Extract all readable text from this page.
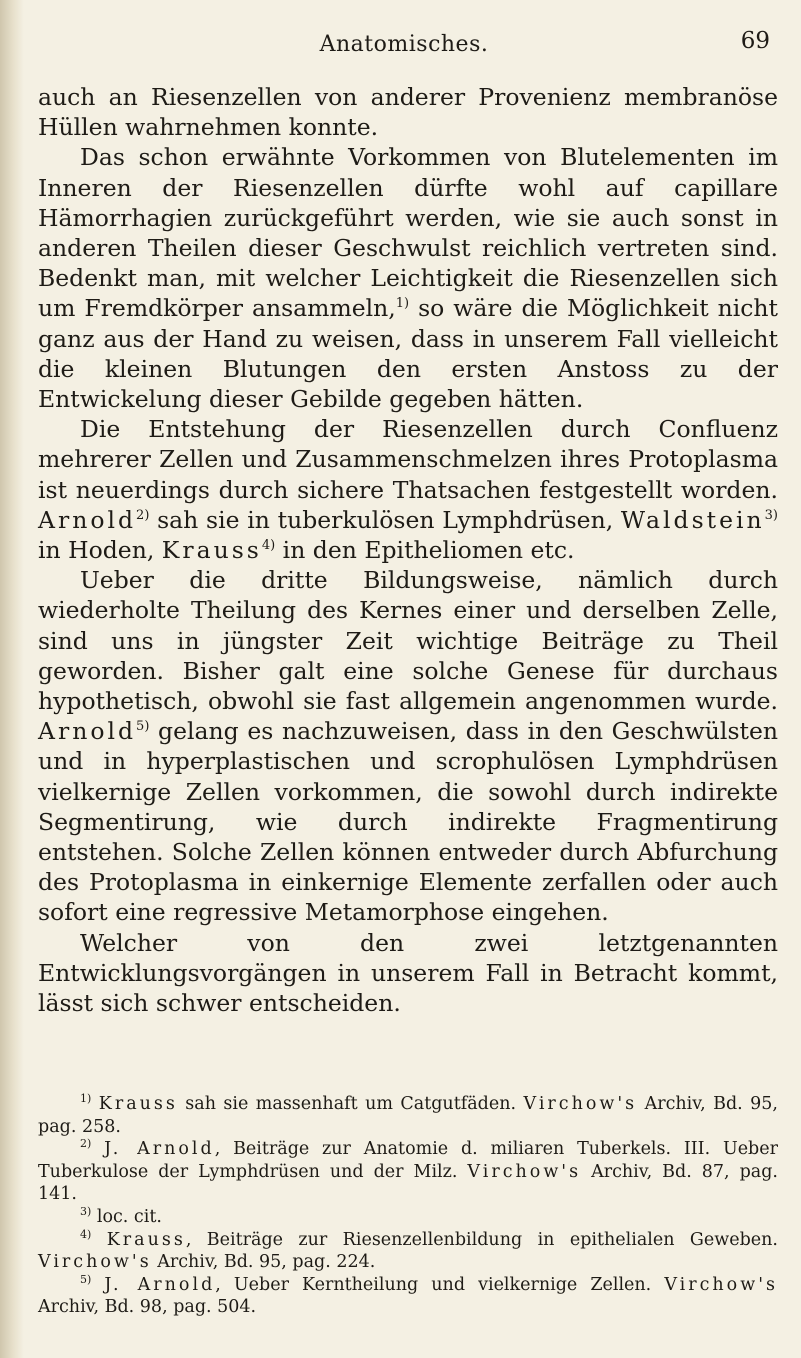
Anatomisches.	69

auch an Riesenzellen von anderer Provenienz membranöse Hüllen wahrnehmen konnte.

Das schon erwähnte Vorkommen von Blutelementen im Inneren der Riesenzellen dürfte wohl auf capillare Hämorrhagien zurückgeführt werden, wie sie auch sonst in anderen Theilen dieser Geschwulst reichlich vertreten sind. Bedenkt man, mit welcher Leichtigkeit die Riesenzellen sich um Fremdkörper ansammeln,$^{1)}$ so wäre die Möglichkeit nicht ganz aus der Hand zu weisen, dass in unserem Fall vielleicht die kleinen Blutungen den ersten Anstoss zu der Entwickelung dieser Gebilde gegeben hätten.

Die Entstehung der Riesenzellen durch Confluenz mehrerer Zellen und Zusammenschmelzen ihres Protoplasma ist neuerdings durch sichere Thatsachen festgestellt worden. Arnold$^{2)}$ sah sie in tuberkulösen Lymphdrüsen, Waldstein$^{3)}$ in Hoden, Krauss$^{4)}$ in den Epitheliomen etc.

Ueber die dritte Bildungsweise, nämlich durch wiederholte Theilung des Kernes einer und derselben Zelle, sind uns in jüngster Zeit wichtige Beiträge zu Theil geworden. Bisher galt eine solche Genese für durchaus hypothetisch, obwohl sie fast allgemein angenommen wurde. Arnold$^{5)}$ gelang es nachzuweisen, dass in den Geschwülsten und in hyperplastischen und scrophulösen Lymphdrüsen vielkernige Zellen vorkommen, die sowohl durch indirekte Segmentirung, wie durch indirekte Fragmentirung entstehen. Solche Zellen können entweder durch Abfurchung des Protoplasma in einkernige Elemente zerfallen oder auch sofort eine regressive Metamorphose eingehen.

Welcher von den zwei letztgenannten Entwicklungsvorgängen in unserem Fall in Betracht kommt, lässt sich schwer entscheiden.

$^{1)}$ Krauss sah sie massenhaft um Catgutfäden. Virchow's Archiv, Bd. 95, pag. 258.

$^{2)}$ J. Arnold, Beiträge zur Anatomie d. miliaren Tuberkels. III. Ueber Tuberkulose der Lymphdrüsen und der Milz. Virchow's Archiv, Bd. 87, pag. 141.

$^{3)}$ loc. cit.

$^{4)}$ Krauss, Beiträge zur Riesenzellenbildung in epithelialen Geweben. Virchow's Archiv, Bd. 95, pag. 224.

$^{5)}$ J. Arnold, Ueber Kerntheilung und vielkernige Zellen. Virchow's Archiv, Bd. 98, pag. 504.
